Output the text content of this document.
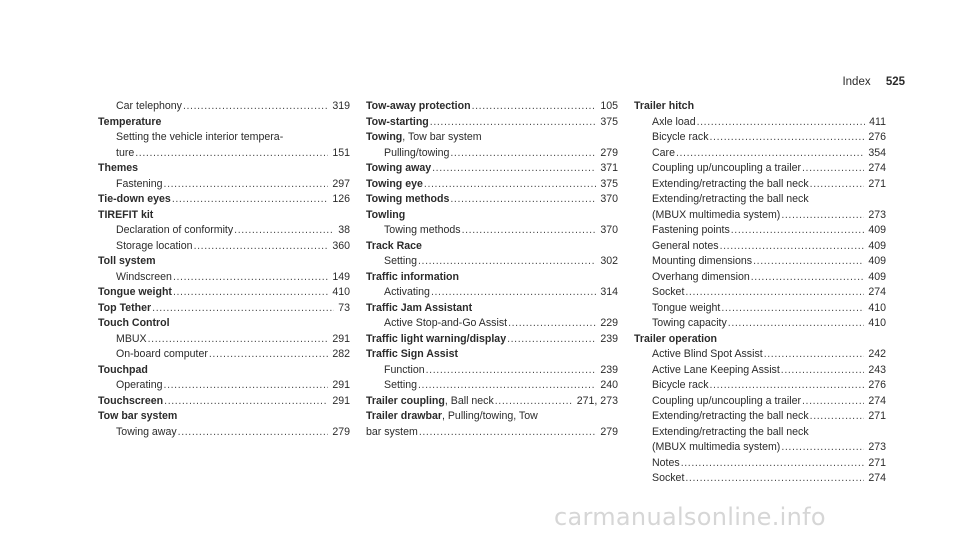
Index 525
Car telephony .....	319
Temperature
Setting the vehicle interior tempera-
ture .....	151
Themes
Fastening .....	297
Tie-down eyes .....	126
TIREFIT kit
Declaration of conformity .....	38
Storage location .....	360
Toll system
Windscreen .....	149
Tongue weight .....	410
Top Tether .....	73
Touch Control
MBUX .....	291
On-board computer .....	282
Touchpad
Operating .....	291
Touchscreen .....	291
Tow bar system
Towing away .....	279
Tow-away protection .....	105
Tow-starting .....	375
Towing, Tow bar system
Pulling/towing .....	279
Towing away .....	371
Towing eye .....	375
Towing methods .....	370
Towling
Towing methods .....	370
Track Race
Setting .....	302
Traffic information
Activating .....	314
Traffic Jam Assistant
Active Stop-and-Go Assist .....	229
Traffic light warning/display .....	239
Traffic Sign Assist
Function .....	239
Setting .....	240
Trailer coupling, Ball neck .....	271, 273
Trailer drawbar, Pulling/towing, Tow
bar system .....	279
Trailer hitch
Axle load .....	411
Bicycle rack .....	276
Care .....	354
Coupling up/uncoupling a trailer .....	274
Extending/retracting the ball neck .....	271
Extending/retracting the ball neck
(MBUX multimedia system) .....	273
Fastening points .....	409
General notes .....	409
Mounting dimensions .....	409
Overhang dimension .....	409
Socket .....	274
Tongue weight .....	410
Towing capacity .....	410
Trailer operation
Active Blind Spot Assist .....	242
Active Lane Keeping Assist .....	243
Bicycle rack .....	276
Coupling up/uncoupling a trailer .....	274
Extending/retracting the ball neck .....	271
Extending/retracting the ball neck
(MBUX multimedia system) .....	273
Notes .....	271
Socket .....	274
carmanualsonline.info
